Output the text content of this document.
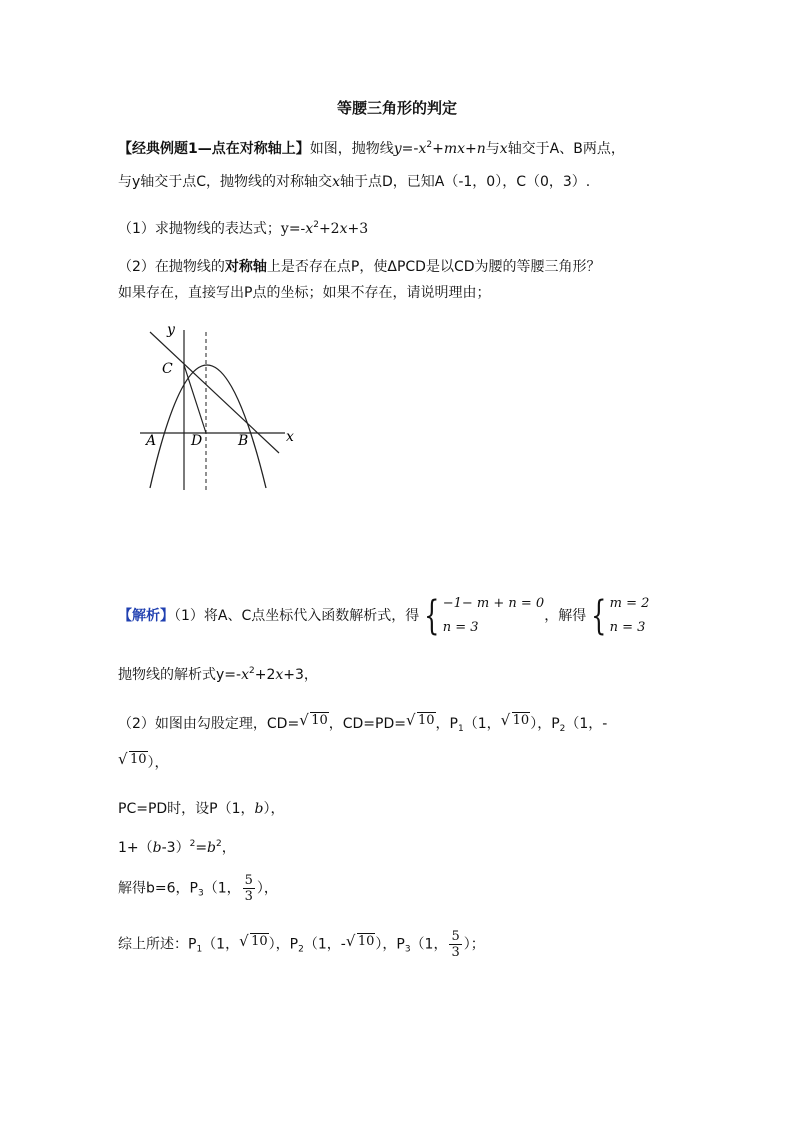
等腰三角形的判定
【经典例题1—点在对称轴上】如图，抛物线$y=-x^2+mx+n$与x轴交于A、B两点，
与y轴交于点C，抛物线的对称轴交x轴于点D，已知A（-1，0），C（0，3）.
（1）求抛物线的表达式；$y=-x^2+2x+3$
（2）在抛物线的对称轴上是否存在点P，使ΔPCD是以CD为腰的等腰三角形？
如果存在，直接写出P点的坐标；如果不存在，请说明理由；
y
x
C
A D	B
【解析】（1）将A、C点坐标代入函数解析式，得 { −1− m + n = 0
n = 3
，解得 { m = 2
n = 3
抛物线的解析式$y=-x^2+2x+3$，
（2）如图由勾股定理，CD= √ 10，CD=PD= √ 10，$P_1(1$， √ 10），$P_2(1$，-
√ 10），
PC=PD时，设P（1，b），
$1+(b-3)^2=b^2$，
解得b=6，$P_3(1$， $\frac{5}{3}$ ），
综上所述：$P_1(1$， √ 10），$P_2(1$，- √ 10），$P_3(1$， $\frac{5}{3}$ ）；
